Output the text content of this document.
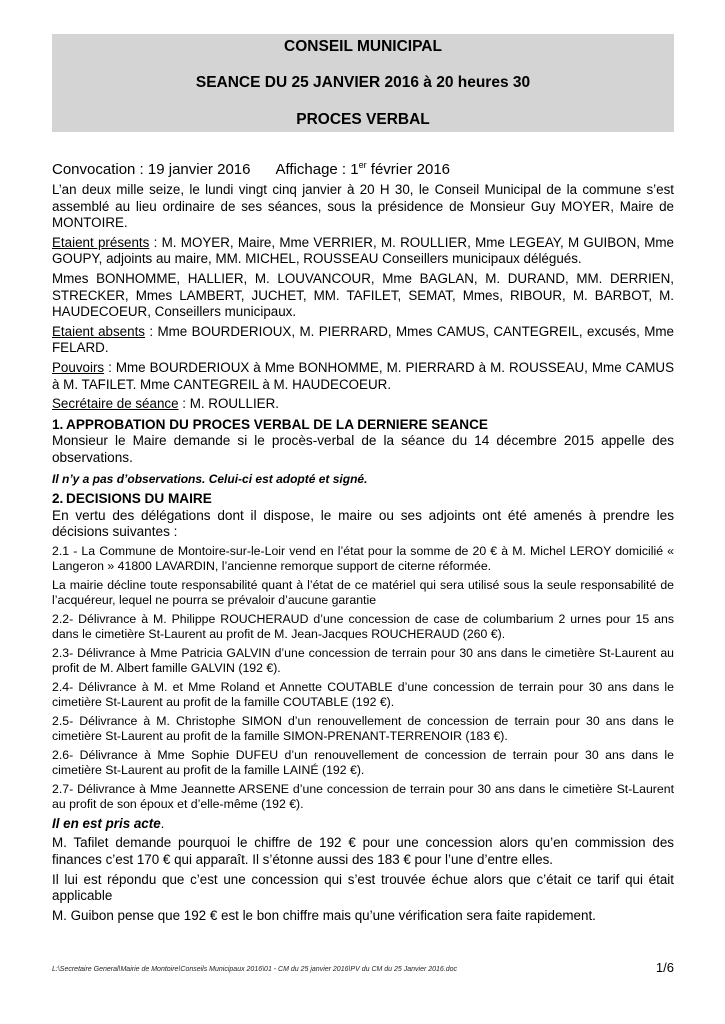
CONSEIL MUNICIPAL
SEANCE DU 25 JANVIER 2016 à 20 heures 30
PROCES VERBAL
Convocation : 19 janvier 2016 Affichage : 1er février 2016

L’an deux mille seize, le lundi vingt cinq janvier à 20 H 30, le Conseil Municipal de la commune s’est assemblé au lieu ordinaire de ses séances, sous la présidence de Monsieur Guy MOYER, Maire de MONTOIRE.

Etaient présents : M. MOYER, Maire, Mme VERRIER, M. ROULLIER, Mme LEGEAY, M GUIBON, Mme GOUPY, adjoints au maire, MM. MICHEL, ROUSSEAU Conseillers municipaux délégués.

Mmes BONHOMME, HALLIER, M. LOUVANCOUR, Mme BAGLAN, M. DURAND, MM. DERRIEN, STRECKER, Mmes LAMBERT, JUCHET, MM. TAFILET, SEMAT, Mmes, RIBOUR, M. BARBOT, M. HAUDECOEUR, Conseillers municipaux.

Etaient absents : Mme BOURDERIOUX, M. PIERRARD, Mmes CAMUS, CANTEGREIL, excusés, Mme FELARD.

Pouvoirs : Mme BOURDERIOUX à Mme BONHOMME, M. PIERRARD à M. ROUSSEAU, Mme CAMUS à M. TAFILET. Mme CANTEGREIL à M. HAUDECOEUR.

Secrétaire de séance : M. ROULLIER.

1. APPROBATION DU PROCES VERBAL DE LA DERNIERE SEANCE

Monsieur le Maire demande si le procès-verbal de la séance du 14 décembre 2015 appelle des observations.

Il n’y a pas d’observations. Celui-ci est adopté et signé.
2. DECISIONS DU MAIRE

En vertu des délégations dont il dispose, le maire ou ses adjoints ont été amenés à prendre les décisions suivantes :

2.1 - La Commune de Montoire-sur-le-Loir vend en l’état pour la somme de 20 € à M. Michel LEROY domicilié « Langeron » 41800 LAVARDIN, l’ancienne remorque support de citerne réformée.

La mairie décline toute responsabilité quant à l’état de ce matériel qui sera utilisé sous la seule responsabilité de l’acquéreur, lequel ne pourra se prévaloir d’aucune garantie

2.2- Délivrance à M. Philippe ROUCHERAUD d’une concession de case de columbarium 2 urnes pour 15 ans dans le cimetière St-Laurent au profit de M. Jean-Jacques ROUCHERAUD (260 €).

2.3- Délivrance à Mme Patricia GALVIN d’une concession de terrain pour 30 ans dans le cimetière St-Laurent au profit de M. Albert famille GALVIN (192 €).

2.4- Délivrance à M. et Mme Roland et Annette COUTABLE d’une concession de terrain pour 30 ans dans le cimetière St-Laurent au profit de la famille COUTABLE (192 €).

2.5- Délivrance à M. Christophe SIMON d’un renouvellement de concession de terrain pour 30 ans dans le cimetière St-Laurent au profit de la famille SIMON-PRENANT-TERRENOIR (183 €).

2.6- Délivrance à Mme Sophie DUFEU d’un renouvellement de concession de terrain pour 30 ans dans le cimetière St-Laurent au profit de la famille LAINÉ (192 €).

2.7- Délivrance à Mme Jeannette ARSENE d’une concession de terrain pour 30 ans dans le cimetière St-Laurent au profit de son époux et d’elle-même (192 €).

Il en est pris acte.

M. Tafilet demande pourquoi le chiffre de 192 € pour une concession alors qu’en commission des finances c’est 170 € qui apparaît. Il s’étonne aussi des 183 € pour l’une d’entre elles.

Il lui est répondu que c’est une concession qui s’est trouvée échue alors que c’était ce tarif qui était applicable

M. Guibon pense que 192 € est le bon chiffre mais qu’une vérification sera faite rapidement.

L:\Secretaire General\Mairie de Montoire\Conseils Municipaux 2016\01 - CM du 25 janvier 2016\PV du CM du 25 Janvier 2016.doc	1/6
